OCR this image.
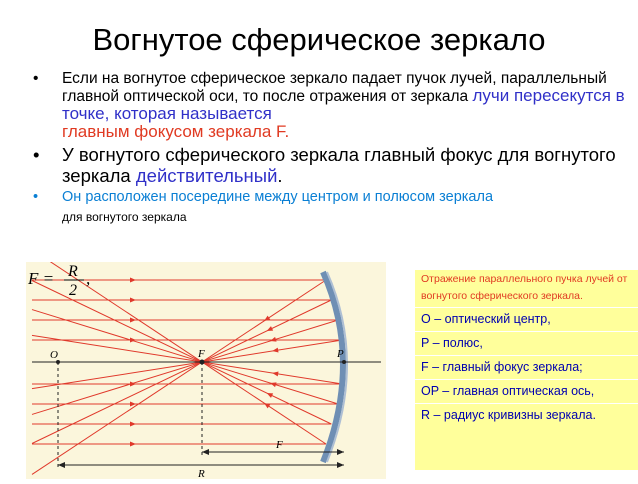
Вогнутое сферическое зеркало
• Если на вогнутое сферическое зеркало падает пучок лучей, параллельный главной оптической оси, то после отражения от зеркала лучи пересекутся в точке, которая называется
главным фокусом зеркала F.
• У вогнутого сферического зеркала главный фокус для вогнутого зеркала действительный.
• Он расположен посередине между центром и полюсом зеркала
для вогнутого зеркала
F = R
2
,
O	F	P
F
R
Отражение параллельного пучка лучей от вогнутого сферического зеркала.
O – оптический центр,
P – полюс,
F – главный фокус зеркала;
OP – главная оптическая ось,
R – радиус кривизны зеркала.
